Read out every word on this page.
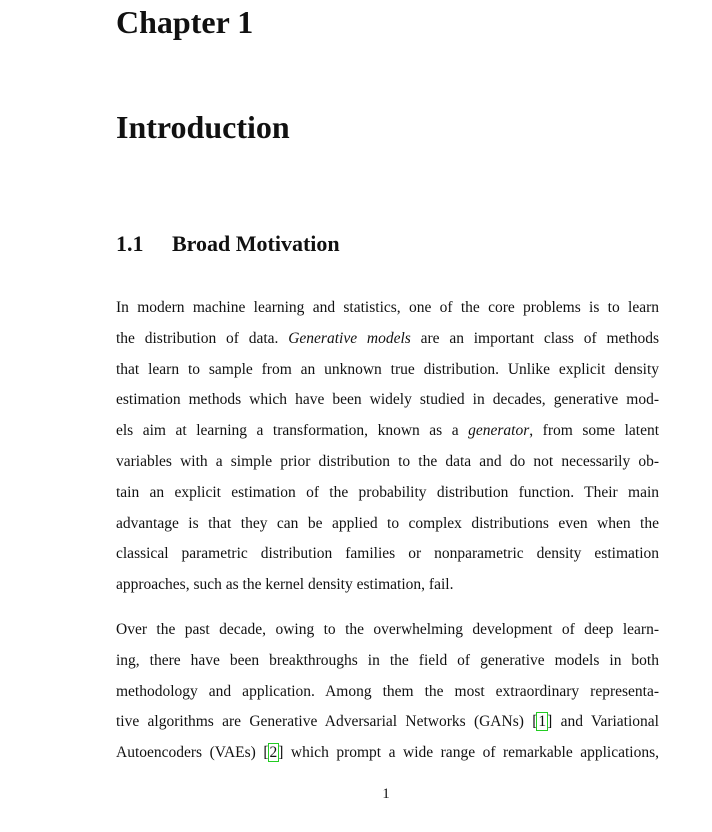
Chapter 1
Introduction
1.1 Broad Motivation
In modern machine learning and statistics, one of the core problems is to learn
the distribution of data. Generative models are an important class of methods
that learn to sample from an unknown true distribution. Unlike explicit density
estimation methods which have been widely studied in decades, generative mod-
els aim at learning a transformation, known as a generator, from some latent
variables with a simple prior distribution to the data and do not necessarily ob-
tain an explicit estimation of the probability distribution function. Their main
advantage is that they can be applied to complex distributions even when the
classical parametric distribution families or nonparametric density estimation
approaches, such as the kernel density estimation, fail.
Over the past decade, owing to the overwhelming development of deep learn-
ing, there have been breakthroughs in the field of generative models in both
methodology and application. Among them the most extraordinary representa-
tive algorithms are Generative Adversarial Networks (GANs) [1] and Variational
Autoencoders (VAEs) [2] which prompt a wide range of remarkable applications,
1
